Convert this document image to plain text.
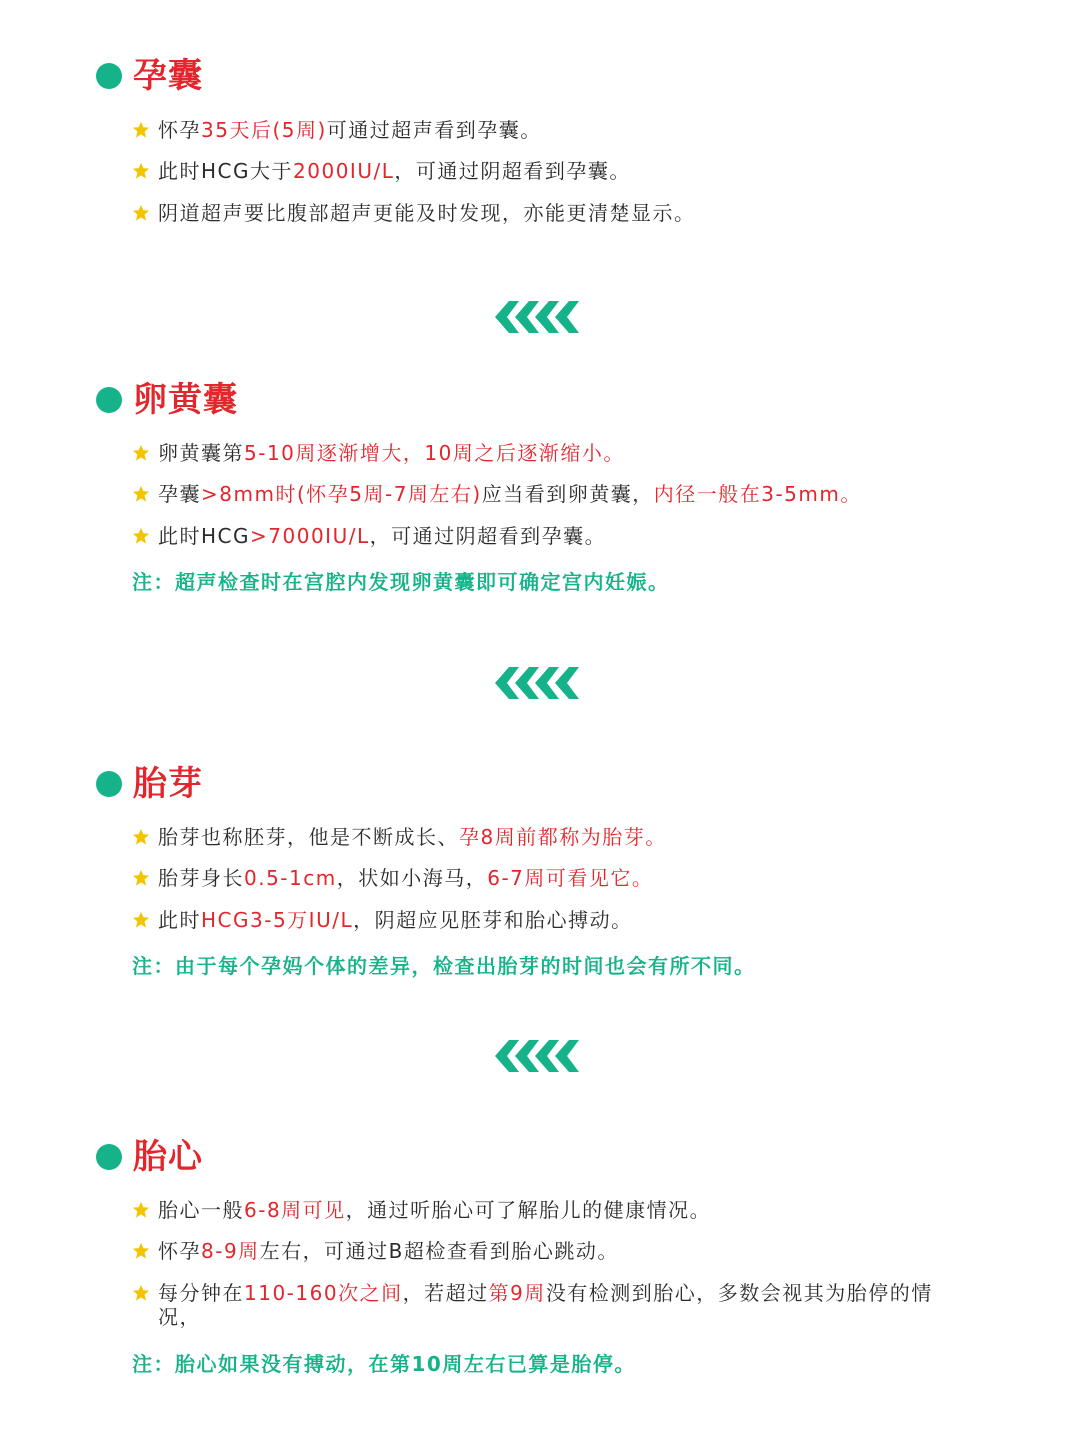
孕囊
怀孕35天后(5周)可通过超声看到孕囊。
此时HCG大于2000IU/L，可通过阴超看到孕囊。
阴道超声要比腹部超声更能及时发现，亦能更清楚显示。
卵黄囊
卵黄囊第5-10周逐渐增大，10周之后逐渐缩小。
孕囊>8mm时(怀孕5周-7周左右)应当看到卵黄囊，内径一般在3-5mm。
此时HCG>7000IU/L，可通过阴超看到孕囊。
注：超声检查时在宫腔内发现卵黄囊即可确定宫内妊娠。
胎芽
胎芽也称胚芽，他是不断成长、孕8周前都称为胎芽。
胎芽身长0.5-1cm，状如小海马，6-7周可看见它。
此时HCG3-5万IU/L，阴超应见胚芽和胎心搏动。
注：由于每个孕妈个体的差异，检查出胎芽的时间也会有所不同。
胎心
胎心一般6-8周可见，通过听胎心可了解胎儿的健康情况。
怀孕8-9周左右，可通过B超检查看到胎心跳动。
每分钟在110-160次之间，若超过第9周没有检测到胎心，多数会视其为胎停的情况，
注：胎心如果没有搏动，在第10周左右已算是胎停。
